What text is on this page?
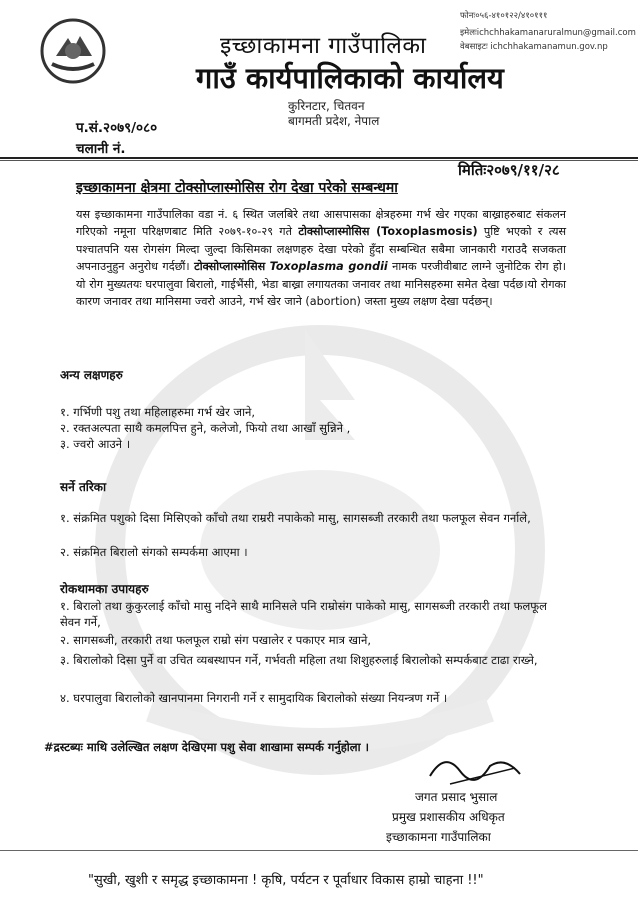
इच्छाकामना गाउँपालिका
गाउँ कार्यपालिकाको कार्यालय
कुरिनटार, चितवन
बागमती प्रदेश, नेपाल
फोनः०५६-४१०१२२/४१०१११
इमेलःichchhakamanaruralmun@gmail.com
वेबसाइटः ichchhakamanamun.gov.np
प.सं.२०७९/०८०
चलानी नं.
मितिः२०७९/११/२८
इच्छाकामना क्षेत्रमा टोक्सोप्लास्मोसिस रोग देखा परेको सम्बन्धमा
यस इच्छाकामना गाउँपालिका वडा नं. ६ स्थित जलबिरे तथा आसपासका क्षेत्रहरुमा गर्भ खेर गएका बाख्राहरुबाट संकलन गरिएको नमूना परिक्षणबाट मिति २०७९-१०-२९ गते टोक्सोप्लास्मोसिस (Toxoplasmosis) पुष्टि भएको र त्यस पश्चातपनि यस रोगसंग मिल्दा जुल्दा किसिमका लक्षणहरु देखा परेको हुँदा सम्बन्धित सबैमा जानकारी गराउदै सजकता अपनाउनुहुन अनुरोध गर्दछौं। टोक्सोप्लास्मोसिस Toxoplasma gondii नामक परजीवीबाट लाग्ने जुनोटिक रोग हो। यो रोग मुख्यतयः घरपालुवा बिरालो, गाईभैंसी, भेडा बाख्रा लगायतका जनावर तथा मानिसहरुमा समेत देखा पर्दछ।यो रोगका कारण जनावर तथा मानिसमा ज्वरो आउने, गर्भ खेर जाने (abortion) जस्ता मुख्य लक्षण देखा पर्दछन्।
अन्य लक्षणहरु
१. गर्भिणी पशु तथा महिलाहरुमा गर्भ खेर जाने,
२. रक्तअल्पता साथै कमलपित्त हुने, कलेजो, फियो तथा आखाँ सुन्निने ,
३. ज्वरो आउने ।
सर्ने तरिका
१. संक्रमित पशुको दिसा मिसिएको काँचो तथा राम्ररी नपाकेको मासु, सागसब्जी तरकारी तथा फलफूल सेवन गर्नाले,
२. संक्रमित बिरालो संगको सम्पर्कमा आएमा ।
रोकथामका उपायहरु
१. बिरालो तथा कुकुरलाई काँचो मासु नदिने साथै मानिसले पनि राम्रोसंग पाकेको मासु, सागसब्जी तरकारी तथा फलफूल सेवन गर्ने,
२. सागसब्जी, तरकारी तथा फलफूल राम्रो संग पखालेर र पकाएर मात्र खाने,
३. बिरालोको दिसा पुर्ने वा उचित व्यबस्थापन गर्ने, गर्भवती महिला तथा शिशुहरुलाई बिरालोको सम्पर्कबाट टाढा राख्ने,
४. घरपालुवा बिरालोको खानपानमा निगरानी गर्ने र सामुदायिक बिरालोको संख्या नियन्त्रण गर्ने ।
#द्रस्टब्यः माथि उलेल्खित लक्षण देखिएमा पशु सेवा शाखामा सम्पर्क गर्नुहोला ।
जगत प्रसाद भुसाल
प्रमुख प्रशासकीय अधिकृत
इच्छाकामना गाउँपालिका
"सुखी, खुशी र समृद्ध इच्छाकामना ! कृषि, पर्यटन र पूर्वाधार विकास हाम्रो चाहना !!"
